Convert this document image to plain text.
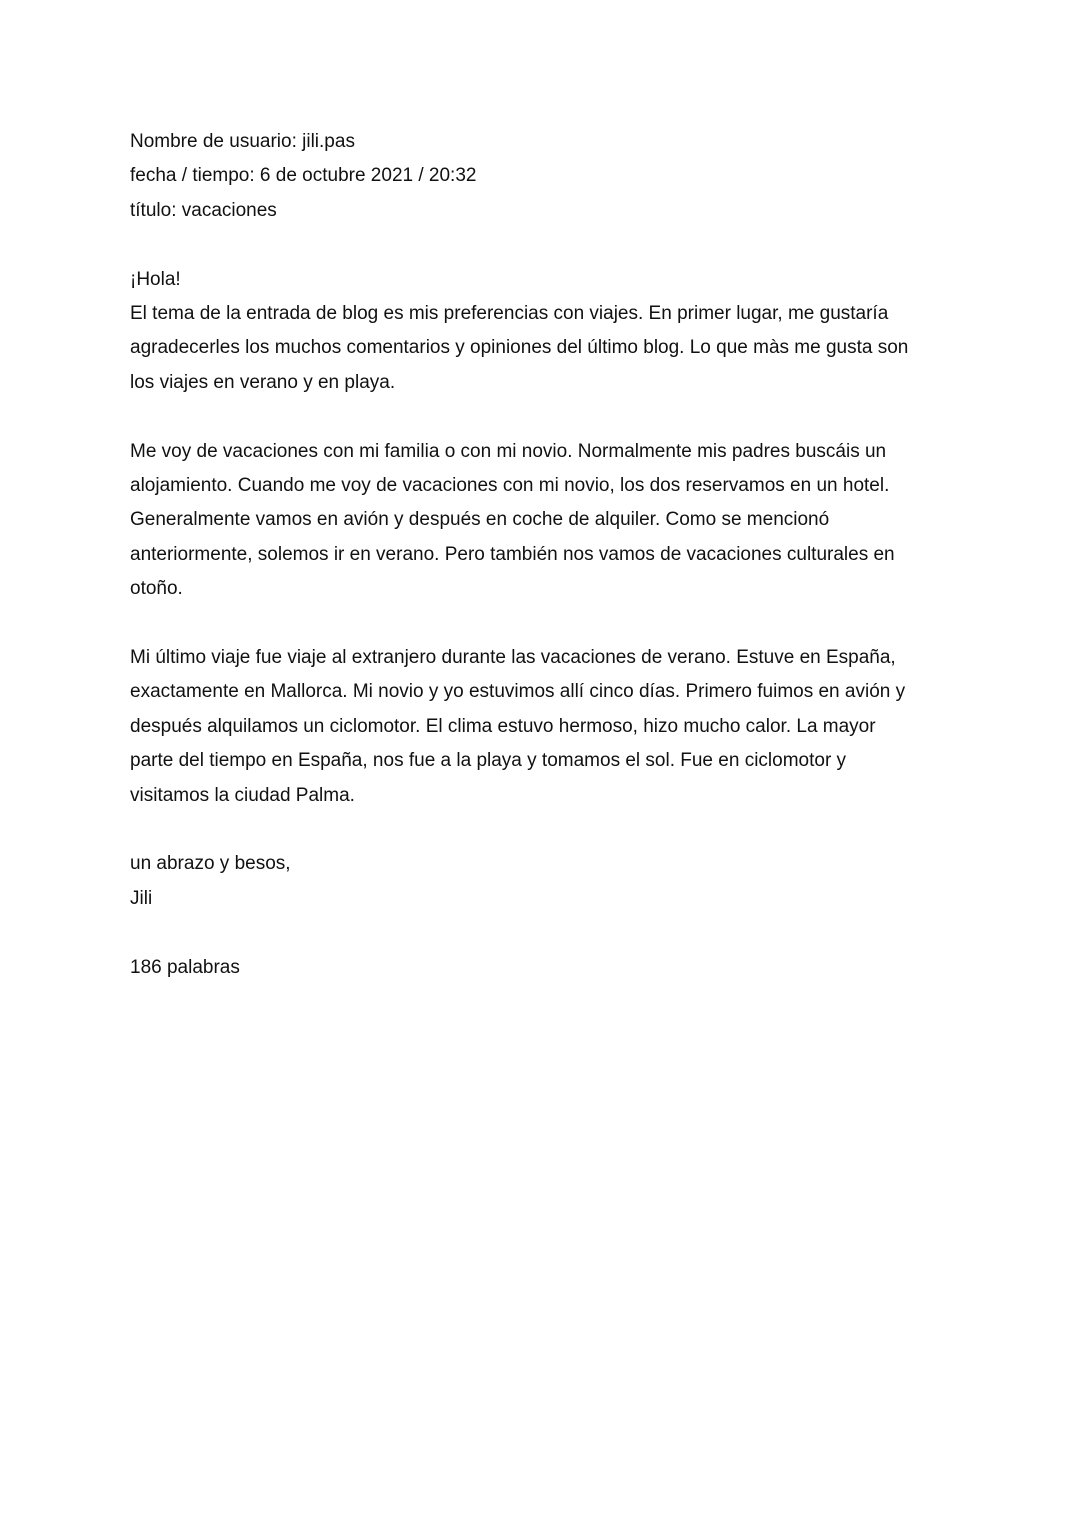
Nombre de usuario: jili.pas
fecha / tiempo: 6 de octubre 2021 / 20:32
título: vacaciones
¡Hola!
El tema de la entrada de blog es mis preferencias con viajes. En primer lugar, me gustaría
agradecerles los muchos comentarios y opiniones del último blog. Lo que màs me gusta son
los viajes en verano y en playa.
Me voy de vacaciones con mi familia o con mi novio. Normalmente mis padres buscáis un
alojamiento. Cuando me voy de vacaciones con mi novio, los dos reservamos en un hotel.
Generalmente vamos en avión y después en coche de alquiler. Como se mencionó
anteriormente, solemos ir en verano. Pero también nos vamos de vacaciones culturales en
otoño.
Mi último viaje fue viaje al extranjero durante las vacaciones de verano. Estuve en España,
exactamente en Mallorca. Mi novio y yo estuvimos allí cinco días. Primero fuimos en avión y
después alquilamos un ciclomotor. El clima estuvo hermoso, hizo mucho calor. La mayor
parte del tiempo en España, nos fue a la playa y tomamos el sol. Fue en ciclomotor y
visitamos la ciudad Palma.
un abrazo y besos,
Jili
186 palabras
